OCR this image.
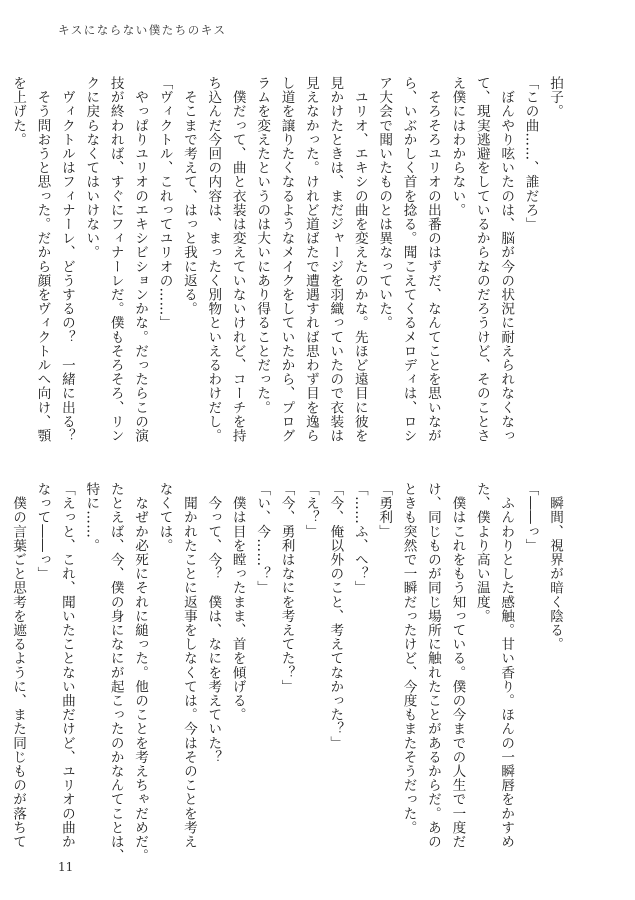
キスにならない僕たちのキス
拍子。
「この曲……、誰だろ」
　ぼんやり呟いたのは、脳が今の状況に耐えられなくなっ
て、現実逃避をしているからなのだろうけど、そのことさ
え僕にはわからない。
　そろそろユリオの出番のはずだ、なんてことを思いなが
ら、いぶかしく首を捻る。聞こえてくるメロディは、ロシ
ア大会で聞いたものとは異なっていた。
　ユリオ、エキシの曲を変えたのかな。先ほど遠目に彼を
見かけたときは、まだジャージを羽織っていたので衣装は
見えなかった。けれど道ばたで遭遇すれば思わず目を逸ら
し道を譲りたくなるようなメイクをしていたから、プログ
ラムを変えたというのは大いにあり得ることだった。
　僕だって、曲と衣装は変えていないけれど、コーチを持
ち込んだ今回の内容は、まったく別物といえるわけだし。
　そこまで考えて、はっと我に返る。
「ヴィクトル、これってユリオの……」
　やっぱりユリオのエキシビションかな。だったらこの演
技が終われば、すぐにフィナーレだ。僕もそろそろ、リン
クに戻らなくてはいけない。
　ヴィクトルはフィナーレ、どうするの？　一緒に出る？
　そう問おうと思った。だから顔をヴィクトルへ向け、顎
を上げた。
　瞬間、視界が暗く陰る。
「――っ」
　ふんわりとした感触。甘い香り。ほんの一瞬唇をかすめ
た、僕より高い温度。
　僕はこれをもう知っている。僕の今までの人生で一度だ
け、同じものが同じ場所に触れたことがあるからだ。あの
ときも突然で一瞬だったけど、今度もまたそうだった。
「勇利」
「……ふ、へ？」
「今、俺以外のこと、考えてなかった？」
「え？」
「今、勇利はなにを考えてた？」
「い、今……？」
　僕は目を瞠ったまま、首を傾げる。
　今って、今？　僕は、なにを考えていた？
　聞かれたことに返事をしなくては。今はそのことを考え
なくては。
　なぜか必死にそれに縋った。他のことを考えちゃだめだ。
たとえば、今、僕の身になにが起こったのかなんてことは、
特に……。
「えっと、これ、聞いたことない曲だけど、ユリオの曲か
なって――っ」
　僕の言葉ごと思考を遮るように、また同じものが落ちて
11
